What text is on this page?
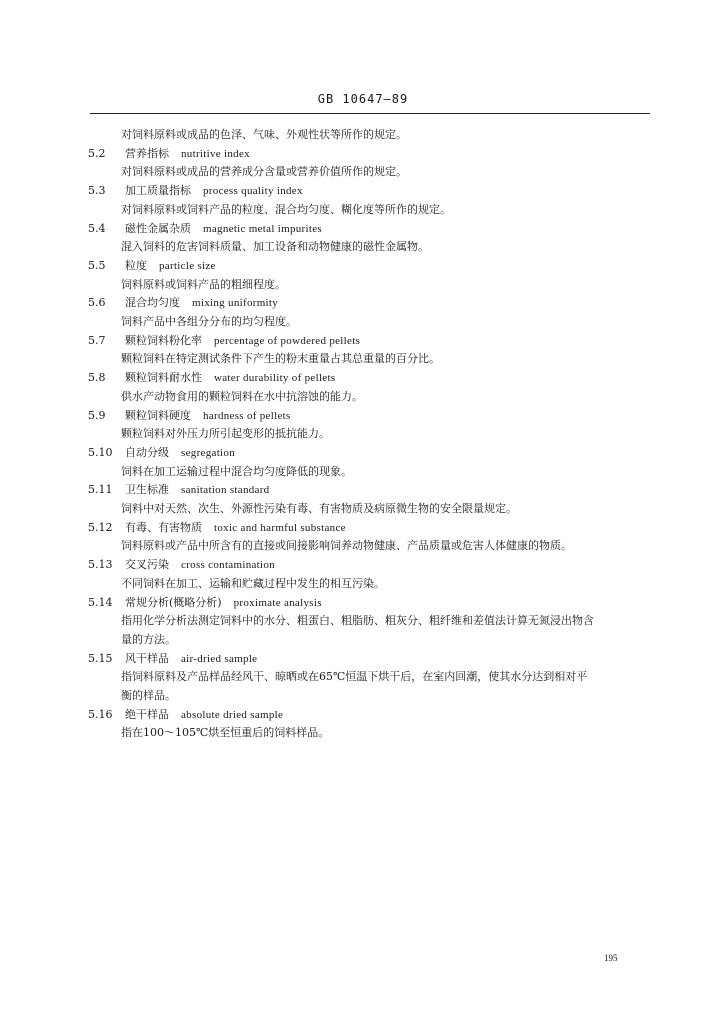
GB 10647—89
对饲料原料或成品的色泽、气味、外观性状等所作的规定。
5.2 营养指标 nutritive index
对饲料原料或成品的营养成分含量或营养价值所作的规定。
5.3 加工质量指标 process quality index
对饲料原料或饲料产品的粒度、混合均匀度、糊化度等所作的规定。
5.4 磁性金属杂质 magnetic metal impurites
混入饲料的危害饲料质量、加工设备和动物健康的磁性金属物。
5.5 粒度 particle size
饲料原料或饲料产品的粗细程度。
5.6 混合均匀度 mixing uniformity
饲料产品中各组分分布的均匀程度。
5.7 颗粒饲料粉化率 percentage of powdered pellets
颗粒饲料在特定测试条件下产生的粉末重量占其总重量的百分比。
5.8 颗粒饲料耐水性 water durability of pellets
供水产动物食用的颗粒饲料在水中抗溶蚀的能力。
5.9 颗粒饲料硬度 hardness of pellets
颗粒饲料对外压力所引起变形的抵抗能力。
5.10 自动分级 segregation
饲料在加工运输过程中混合均匀度降低的现象。
5.11 卫生标准 sanitation standard
饲料中对天然、次生、外源性污染有毒、有害物质及病原微生物的安全限量规定。
5.12 有毒、有害物质 toxic and harmful substance
饲料原料或产品中所含有的直接或间接影响饲养动物健康、产品质量或危害人体健康的物质。
5.13 交叉污染 cross contamination
不同饲料在加工、运输和贮藏过程中发生的相互污染。
5.14 常规分析(概略分析) proximate analysis
指用化学分析法测定饲料中的水分、粗蛋白、粗脂肪、粗灰分、粗纤维和差值法计算无氮浸出物含
量的方法。
5.15 风干样品 air-dried sample
指饲料原料及产品样品经风干、晾晒或在65℃恒温下烘干后，在室内回潮，使其水分达到相对平
衡的样品。
5.16 绝干样品 absolute dried sample
指在100～105℃烘至恒重后的饲料样品。
195
